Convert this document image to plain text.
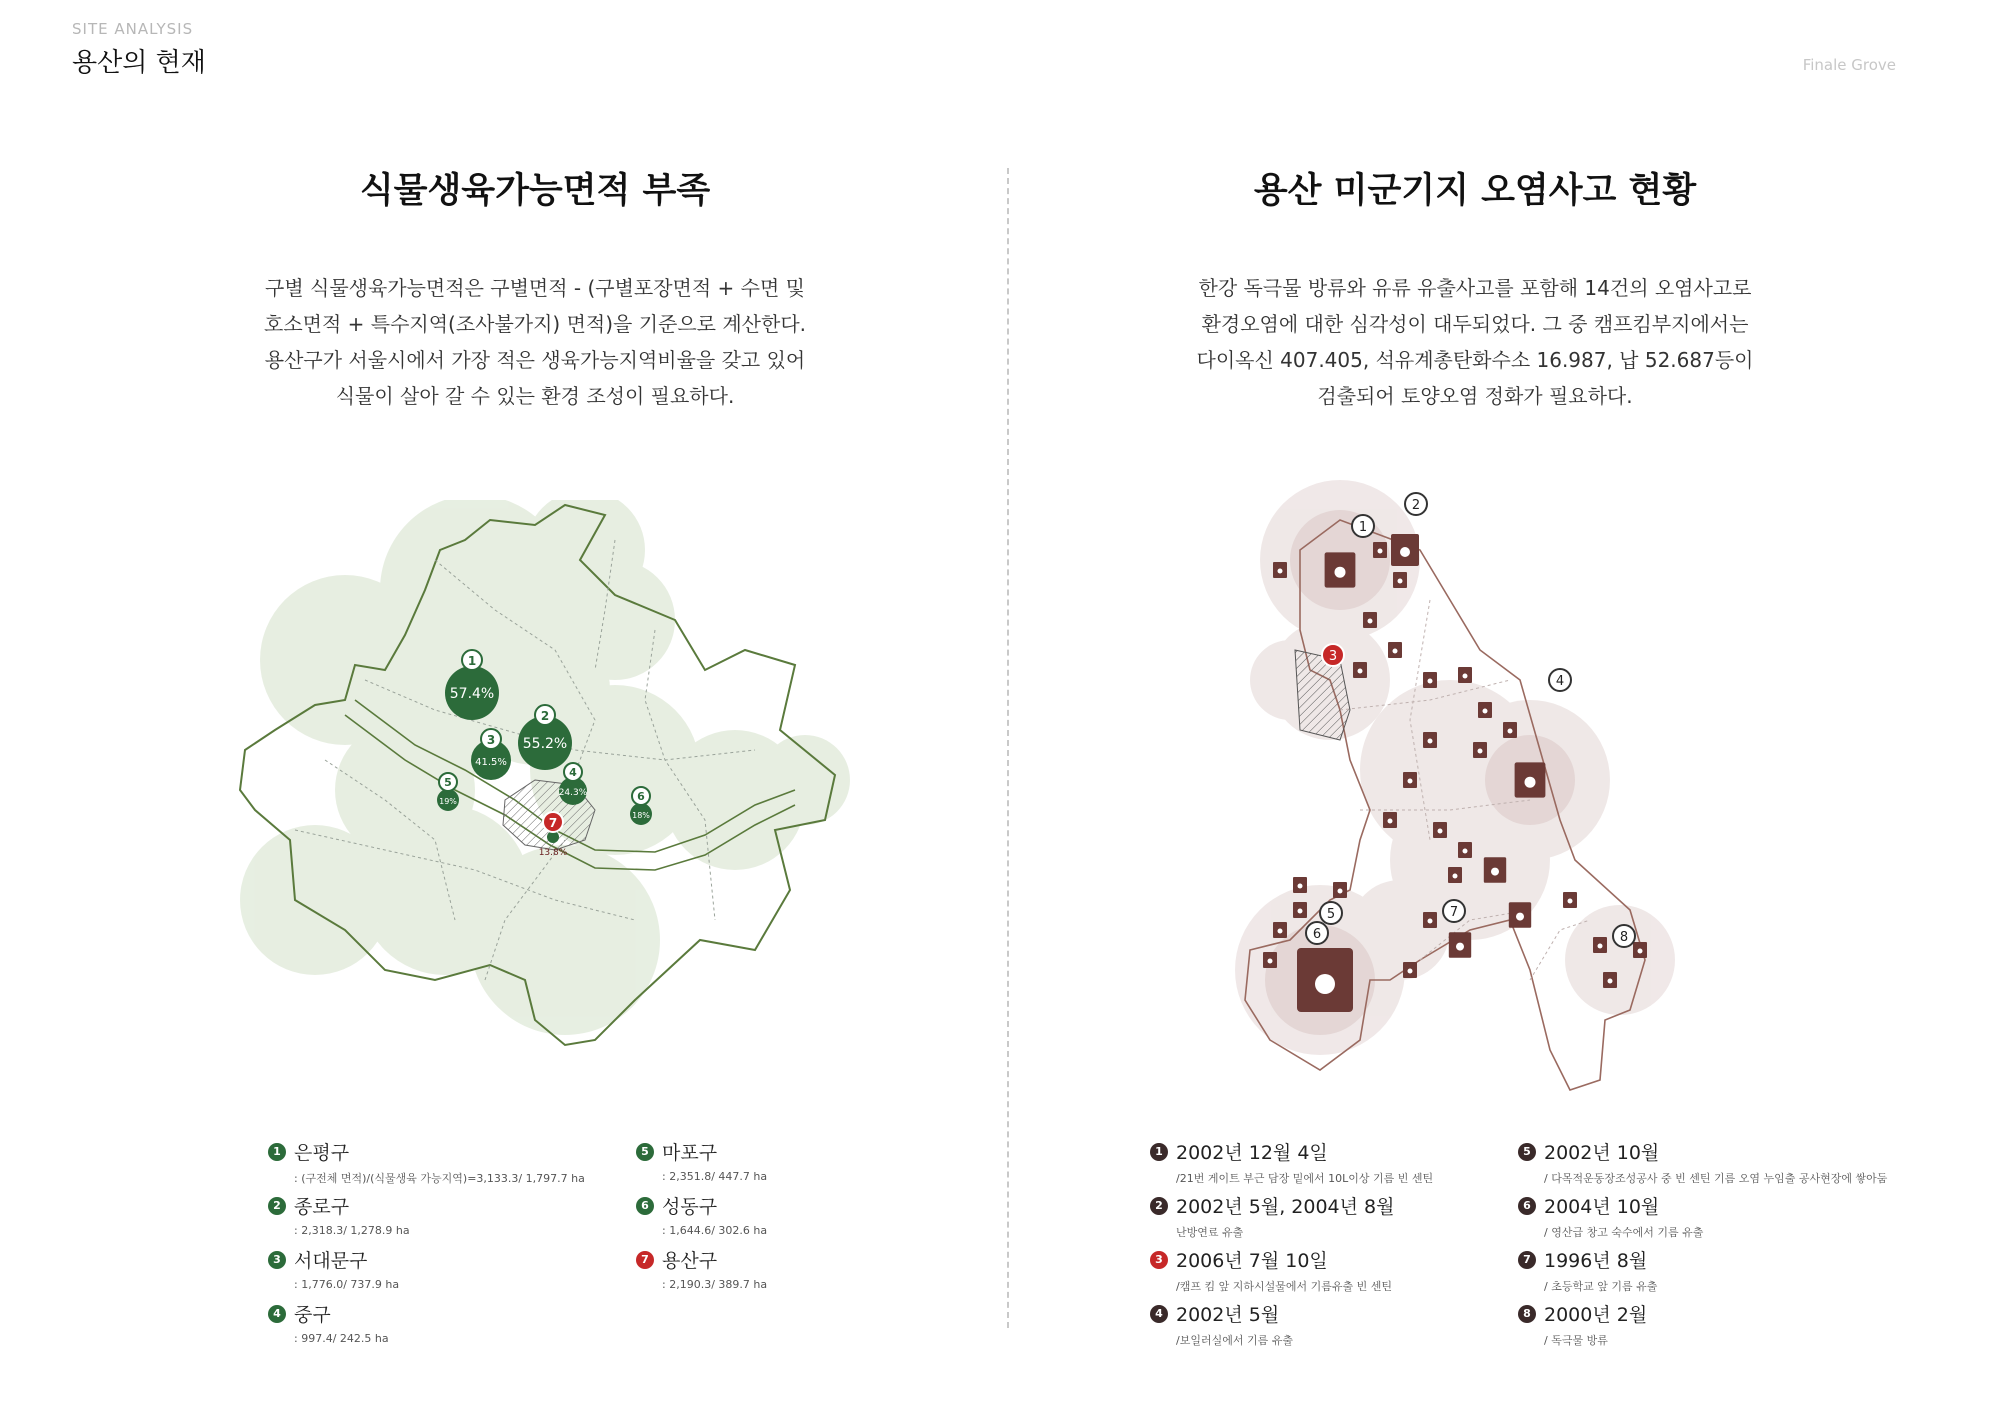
SITE ANALYSIS
용산의 현재	Finale Grove
식물생육가능면적 부족
구별 식물생육가능면적은 구별면적 - (구별포장면적 + 수면 및
호소면적 + 특수지역(조사불가지) 면적)을 기준으로 계산한다.
용산구가 서울시에서 가장 적은 생육가능지역비율을 갖고 있어
식물이 살아 갈 수 있는 환경 조성이 필요하다.
1
57.4%
2
55.2%
3
41.5%
4
24.3%
5
19%	6
18%
7
13.8%
1 은평구
: (구전체 면적)/(식물생육 가능지역)=3,133.3/ 1,797.7 ha
2 종로구
: 2,318.3/ 1,278.9 ha
3 서대문구
: 1,776.0/ 737.9 ha
4 중구
: 997.4/ 242.5 ha
5 마포구
: 2,351.8/ 447.7 ha
6 성동구
: 1,644.6/ 302.6 ha
7 용산구
: 2,190.3/ 389.7 ha
용산 미군기지 오염사고 현황
한강 독극물 방류와 유류 유출사고를 포함해 14건의 오염사고로
환경오염에 대한 심각성이 대두되었다. 그 중 캠프킴부지에서는
다이옥신 407.405, 석유계총탄화수소 16.987, 납 52.687등이
검출되어 토양오염 정화가 필요하다.
1
2
3
4
5
6
7
8
1 2002년 12월 4일
/21번 게이트 부근 담장 밑에서 10L이상 기름 빈 센틴
2 2002년 5월, 2004년 8월
난방연료 유출
3 2006년 7월 10일
/캠프 킴 앞 지하시설물에서 기름유출 빈 센틴
4 2002년 5월
/보일러실에서 기름 유출
5 2002년 10월
/ 다목적운동장조성공사 중 빈 센틴 기름 오염 누임출 공사현장에 쌓아둠
6 2004년 10월
/ 영산급 창고 숙수에서 기름 유출
7 1996년 8월
/ 초등학교 앞 기름 유출
8 2000년 2월
/ 독극물 방류
